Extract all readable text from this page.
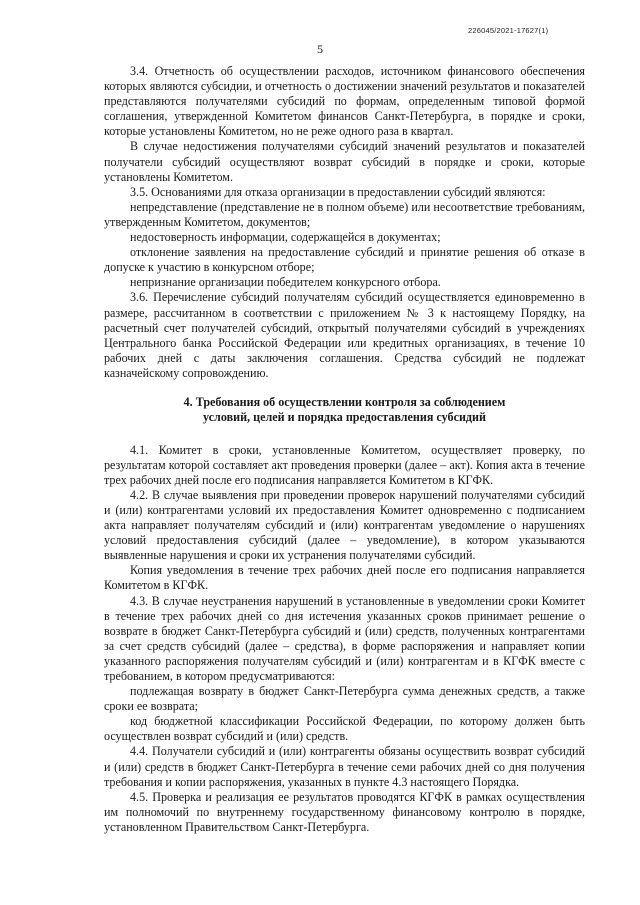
226045/2021-17627(1)
5

3.4. Отчетность об осуществлении расходов, источником финансового обеспечения которых являются субсидии, и отчетность о достижении значений результатов и показателей представляются получателями субсидий по формам, определенным типовой формой соглашения, утвержденной Комитетом финансов Санкт-Петербурга, в порядке и сроки, которые установлены Комитетом, но не реже одного раза в квартал.

В случае недостижения получателями субсидий значений результатов и показателей получатели субсидий осуществляют возврат субсидий в порядке и сроки, которые установлены Комитетом.

3.5. Основаниями для отказа организации в предоставлении субсидий являются:

непредставление (представление не в полном объеме) или несоответствие требованиям, утвержденным Комитетом, документов;

недостоверность информации, содержащейся в документах;

отклонение заявления на предоставление субсидий и принятие решения об отказе в допуске к участию в конкурсном отборе;

непризнание организации победителем конкурсного отбора.

3.6. Перечисление субсидий получателям субсидий осуществляется единовременно в размере, рассчитанном в соответствии с приложением № 3 к настоящему Порядку, на расчетный счет получателей субсидий, открытый получателями субсидий в учреждениях Центрального банка Российской Федерации или кредитных организациях, в течение 10 рабочих дней с даты заключения соглашения. Средства субсидий не подлежат казначейскому сопровождению.

4. Требования об осуществлении контроля за соблюдением
условий, целей и порядка предоставления субсидий

4.1. Комитет в сроки, установленные Комитетом, осуществляет проверку, по результатам которой составляет акт проведения проверки (далее – акт). Копия акта в течение трех рабочих дней после его подписания направляется Комитетом в КГФК.

4.2. В случае выявления при проведении проверок нарушений получателями субсидий и (или) контрагентами условий их предоставления Комитет одновременно с подписанием акта направляет получателям субсидий и (или) контрагентам уведомление о нарушениях условий предоставления субсидий (далее – уведомление), в котором указываются выявленные нарушения и сроки их устранения получателями субсидий.

Копия уведомления в течение трех рабочих дней после его подписания направляется Комитетом в КГФК.

4.3. В случае неустранения нарушений в установленные в уведомлении сроки Комитет в течение трех рабочих дней со дня истечения указанных сроков принимает решение о возврате в бюджет Санкт-Петербурга субсидий и (или) средств, полученных контрагентами за счет средств субсидий (далее – средства), в форме распоряжения и направляет копии указанного распоряжения получателям субсидий и (или) контрагентам и в КГФК вместе с требованием, в котором предусматриваются:

подлежащая возврату в бюджет Санкт-Петербурга сумма денежных средств, а также сроки ее возврата;

код бюджетной классификации Российской Федерации, по которому должен быть осуществлен возврат субсидий и (или) средств.

4.4. Получатели субсидий и (или) контрагенты обязаны осуществить возврат субсидий и (или) средств в бюджет Санкт-Петербурга в течение семи рабочих дней со дня получения требования и копии распоряжения, указанных в пункте 4.3 настоящего Порядка.

4.5. Проверка и реализация ее результатов проводятся КГФК в рамках осуществления им полномочий по внутреннему государственному финансовому контролю в порядке, установленном Правительством Санкт-Петербурга.
